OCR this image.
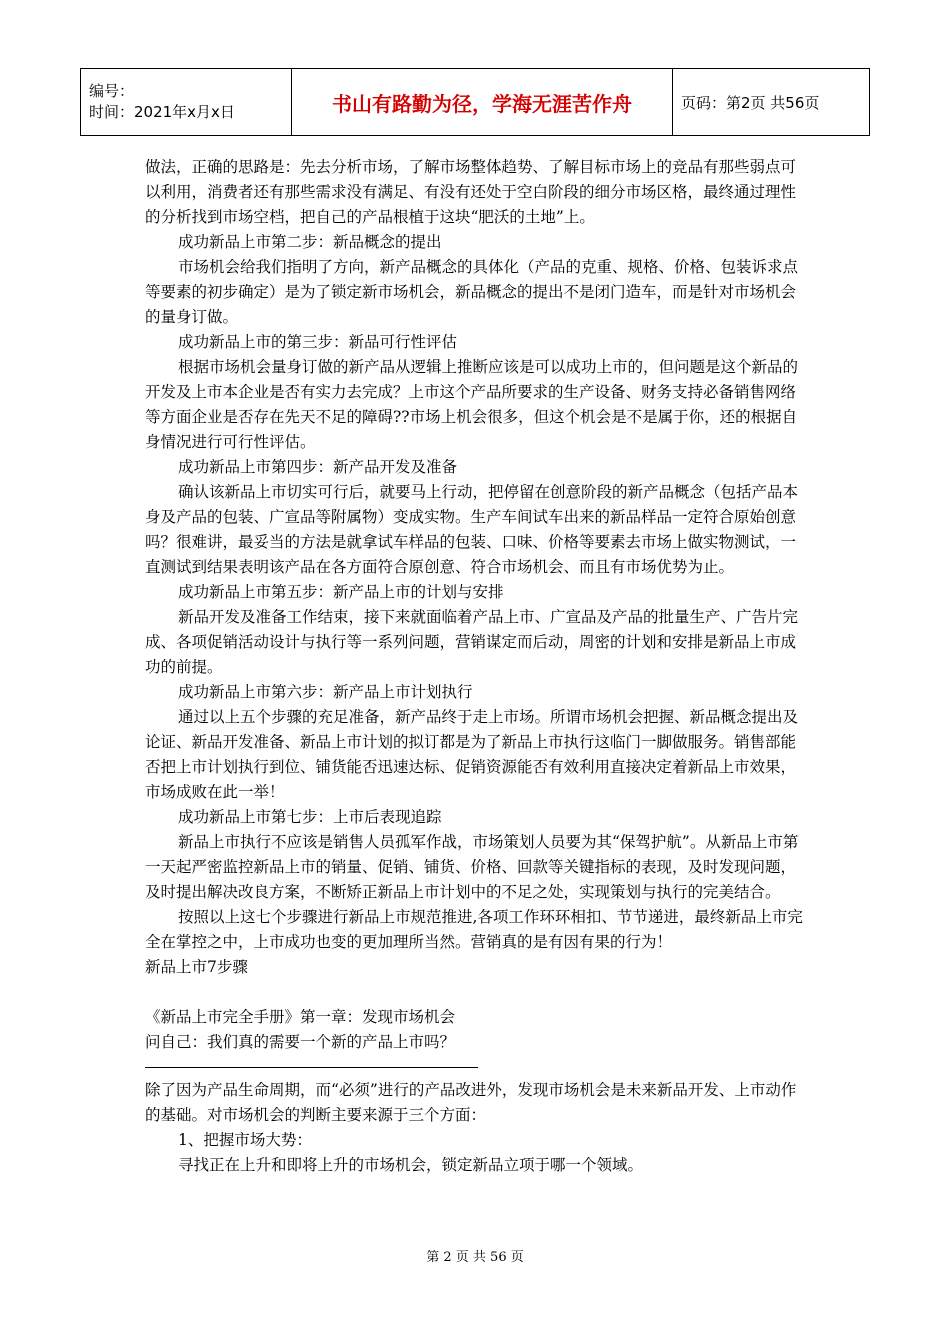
编号：
时间：2021年x月x日	书山有路勤为径，学海无涯苦作舟	页码：第2页 共56页

做法，正确的思路是：先去分析市场，了解市场整体趋势、了解目标市场上的竞品有那些弱点可以利用，消费者还有那些需求没有满足、有没有还处于空白阶段的细分市场区格，最终通过理性的分析找到市场空档，把自己的产品根植于这块“肥沃的土地”上。

成功新品上市第二步：新品概念的提出

市场机会给我们指明了方向，新产品概念的具体化（产品的克重、规格、价格、包装诉求点等要素的初步确定）是为了锁定新市场机会，新品概念的提出不是闭门造车，而是针对市场机会的量身订做。

成功新品上市的第三步：新品可行性评估

根据市场机会量身订做的新产品从逻辑上推断应该是可以成功上市的，但问题是这个新品的开发及上市本企业是否有实力去完成？上市这个产品所要求的生产设备、财务支持必备销售网络等方面企业是否存在先天不足的障碍??市场上机会很多，但这个机会是不是属于你，还的根据自身情况进行可行性评估。

成功新品上市第四步：新产品开发及准备

确认该新品上市切实可行后，就要马上行动，把停留在创意阶段的新产品概念（包括产品本身及产品的包装、广宣品等附属物）变成实物。生产车间试车出来的新品样品一定符合原始创意吗？很难讲，最妥当的方法是就拿试车样品的包装、口味、价格等要素去市场上做实物测试，一直测试到结果表明该产品在各方面符合原创意、符合市场机会、而且有市场优势为止。

成功新品上市第五步：新产品上市的计划与安排

新品开发及准备工作结束，接下来就面临着产品上市、广宣品及产品的批量生产、广告片完成、各项促销活动设计与执行等一系列问题，营销谋定而后动，周密的计划和安排是新品上市成功的前提。

成功新品上市第六步：新产品上市计划执行

通过以上五个步骤的充足准备，新产品终于走上市场。所谓市场机会把握、新品概念提出及论证、新品开发准备、新品上市计划的拟订都是为了新品上市执行这临门一脚做服务。销售部能否把上市计划执行到位、铺货能否迅速达标、促销资源能否有效利用直接决定着新品上市效果，市场成败在此一举！

成功新品上市第七步：上市后表现追踪

新品上市执行不应该是销售人员孤军作战，市场策划人员要为其“保驾护航”。从新品上市第一天起严密监控新品上市的销量、促销、铺货、价格、回款等关键指标的表现，及时发现问题，及时提出解决改良方案，不断矫正新品上市计划中的不足之处，实现策划与执行的完美结合。

按照以上这七个步骤进行新品上市规范推进,各项工作环环相扣、节节递进，最终新品上市完全在掌控之中，上市成功也变的更加理所当然。营销真的是有因有果的行为！

新品上市7步骤

《新品上市完全手册》第一章：发现市场机会

问自己：我们真的需要一个新的产品上市吗？

除了因为产品生命周期，而“必须”进行的产品改进外，发现市场机会是未来新品开发、上市动作的基础。对市场机会的判断主要来源于三个方面：

1、把握市场大势：

寻找正在上升和即将上升的市场机会，锁定新品立项于哪一个领域。

第 2 页 共 56 页
